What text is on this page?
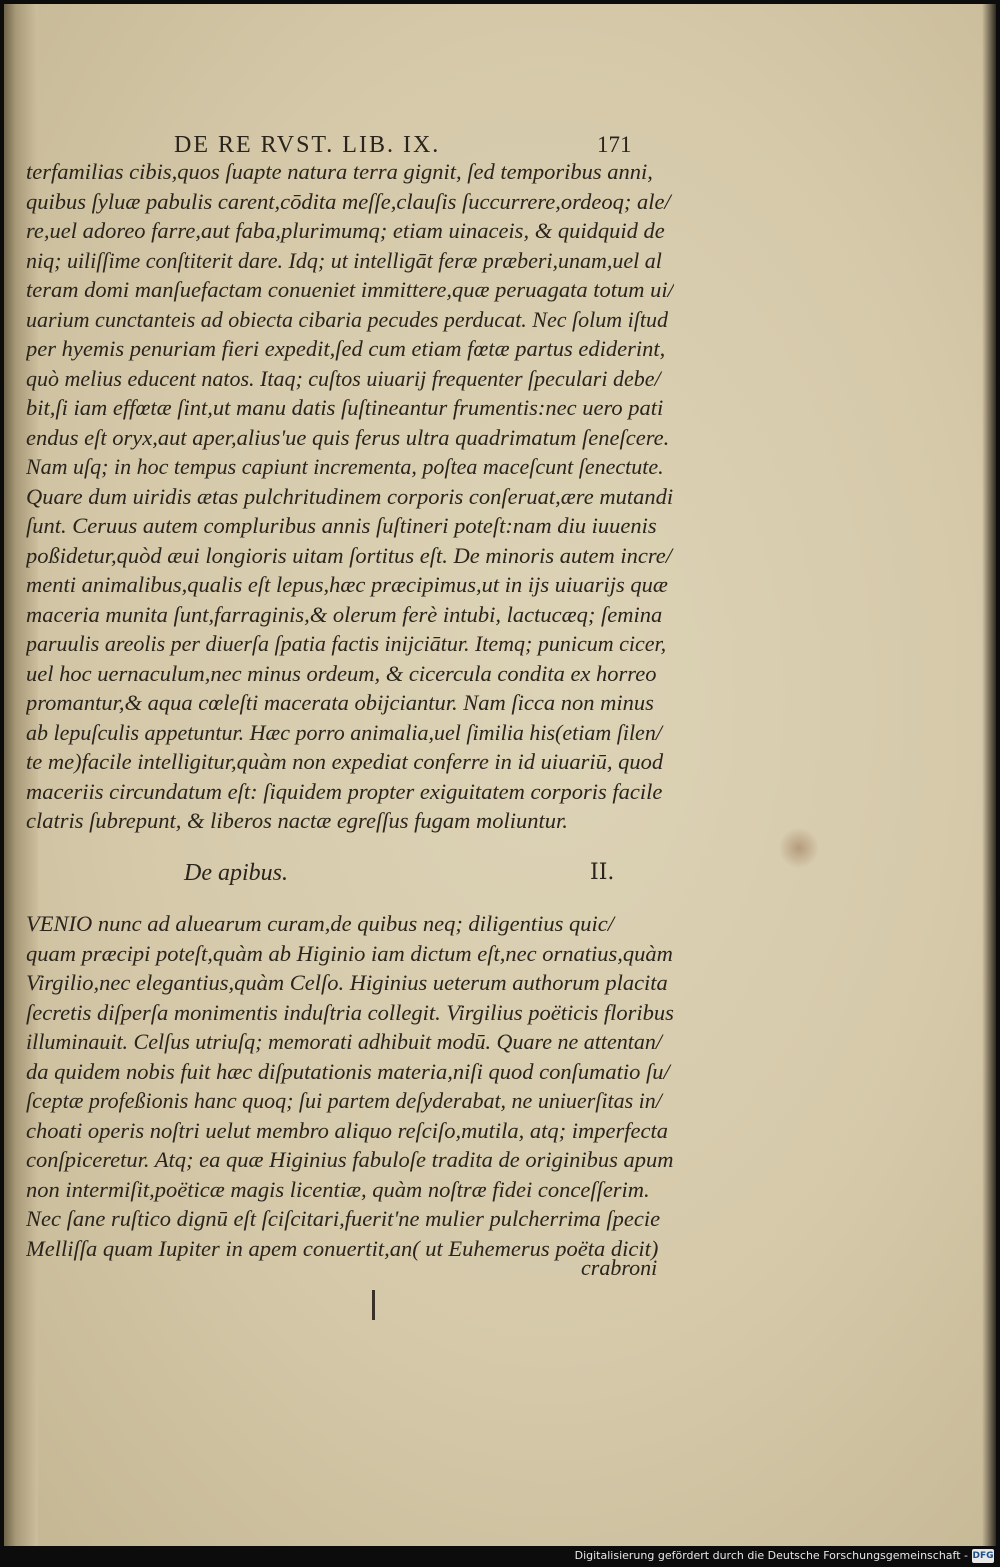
DE RE RVST. LIB. IX.	171
terfamilias cibis,quos ſuapte natura terra gignit, ſed temporibus anni,
quibus ſyluæ pabulis carent,cōdita meſſe,clauſis ſuccurrere,ordeoq; ale/
re,uel adoreo farre,aut faba,plurimumq; etiam uinaceis, & quidquid de
niq; uiliſſime conſtiterit dare. Idq; ut intelligāt feræ præberi,unam,uel al
teram domi manſuefactam conueniet immittere,quæ peruagata totum ui/
uarium cunctanteis ad obiecta cibaria pecudes perducat. Nec ſolum iſtud
per hyemis penuriam fieri expedit,ſed cum etiam fœtæ partus ediderint,
quò melius educent natos. Itaq; cuſtos uiuarij frequenter ſpeculari debe/
bit,ſi iam effœtæ ſint,ut manu datis ſuſtineantur frumentis:nec uero pati
endus eſt oryx,aut aper,alius'ue quis ferus ultra quadrimatum ſeneſcere.
Nam uſq; in hoc tempus capiunt incrementa, poſtea maceſcunt ſenectute.
Quare dum uiridis ætas pulchritudinem corporis conſeruat,ære mutandi
ſunt. Ceruus autem compluribus annis ſuſtineri poteſt:nam diu iuuenis
poßidetur,quòd æui longioris uitam ſortitus eſt. De minoris autem incre/
menti animalibus,qualis eſt lepus,hæc præcipimus,ut in ijs uiuarijs quæ
maceria munita ſunt,farraginis,& olerum ferè intubi, lactucæq; ſemina
paruulis areolis per diuerſa ſpatia factis inijciātur. Itemq; punicum cicer,
uel hoc uernaculum,nec minus ordeum, & cicercula condita ex horreo
promantur,& aqua cœleſti macerata obijciantur. Nam ſicca non minus
ab lepuſculis appetuntur. Hæc porro animalia,uel ſimilia his(etiam ſilen/
te me)facile intelligitur,quàm non expediat conferre in id uiuariū, quod
maceriis circundatum eſt: ſiquidem propter exiguitatem corporis facile
clatris ſubrepunt, & liberos nactæ egreſſus fugam moliuntur.
De apibus.	II.
VENIO nunc ad aluearum curam,de quibus neq; diligentius quic/
quam præcipi poteſt,quàm ab Higinio iam dictum eſt,nec ornatius,quàm
Virgilio,nec elegantius,quàm Celſo. Higinius ueterum authorum placita
ſecretis diſperſa monimentis induſtria collegit. Virgilius poëticis floribus
illuminauit. Celſus utriuſq; memorati adhibuit modū. Quare ne attentan/
da quidem nobis fuit hæc diſputationis materia,niſi quod conſumatio ſu/
ſceptæ profeßionis hanc quoq; ſui partem deſyderabat, ne uniuerſitas in/
choati operis noſtri uelut membro aliquo reſciſo,mutila, atq; imperfecta
conſpiceretur. Atq; ea quæ Higinius fabuloſe tradita de originibus apum
non intermiſit,poëticæ magis licentiæ, quàm noſtræ fidei conceſſerim.
Nec ſane ruſtico dignū eſt ſciſcitari,fuerit'ne mulier pulcherrima ſpecie
Melliſſa quam Iupiter in apem conuertit,an( ut Euhemerus poëta dicit)
crabroni
Digitalisierung gefördert durch die Deutsche Forschungsgemeinschaft - DFG
